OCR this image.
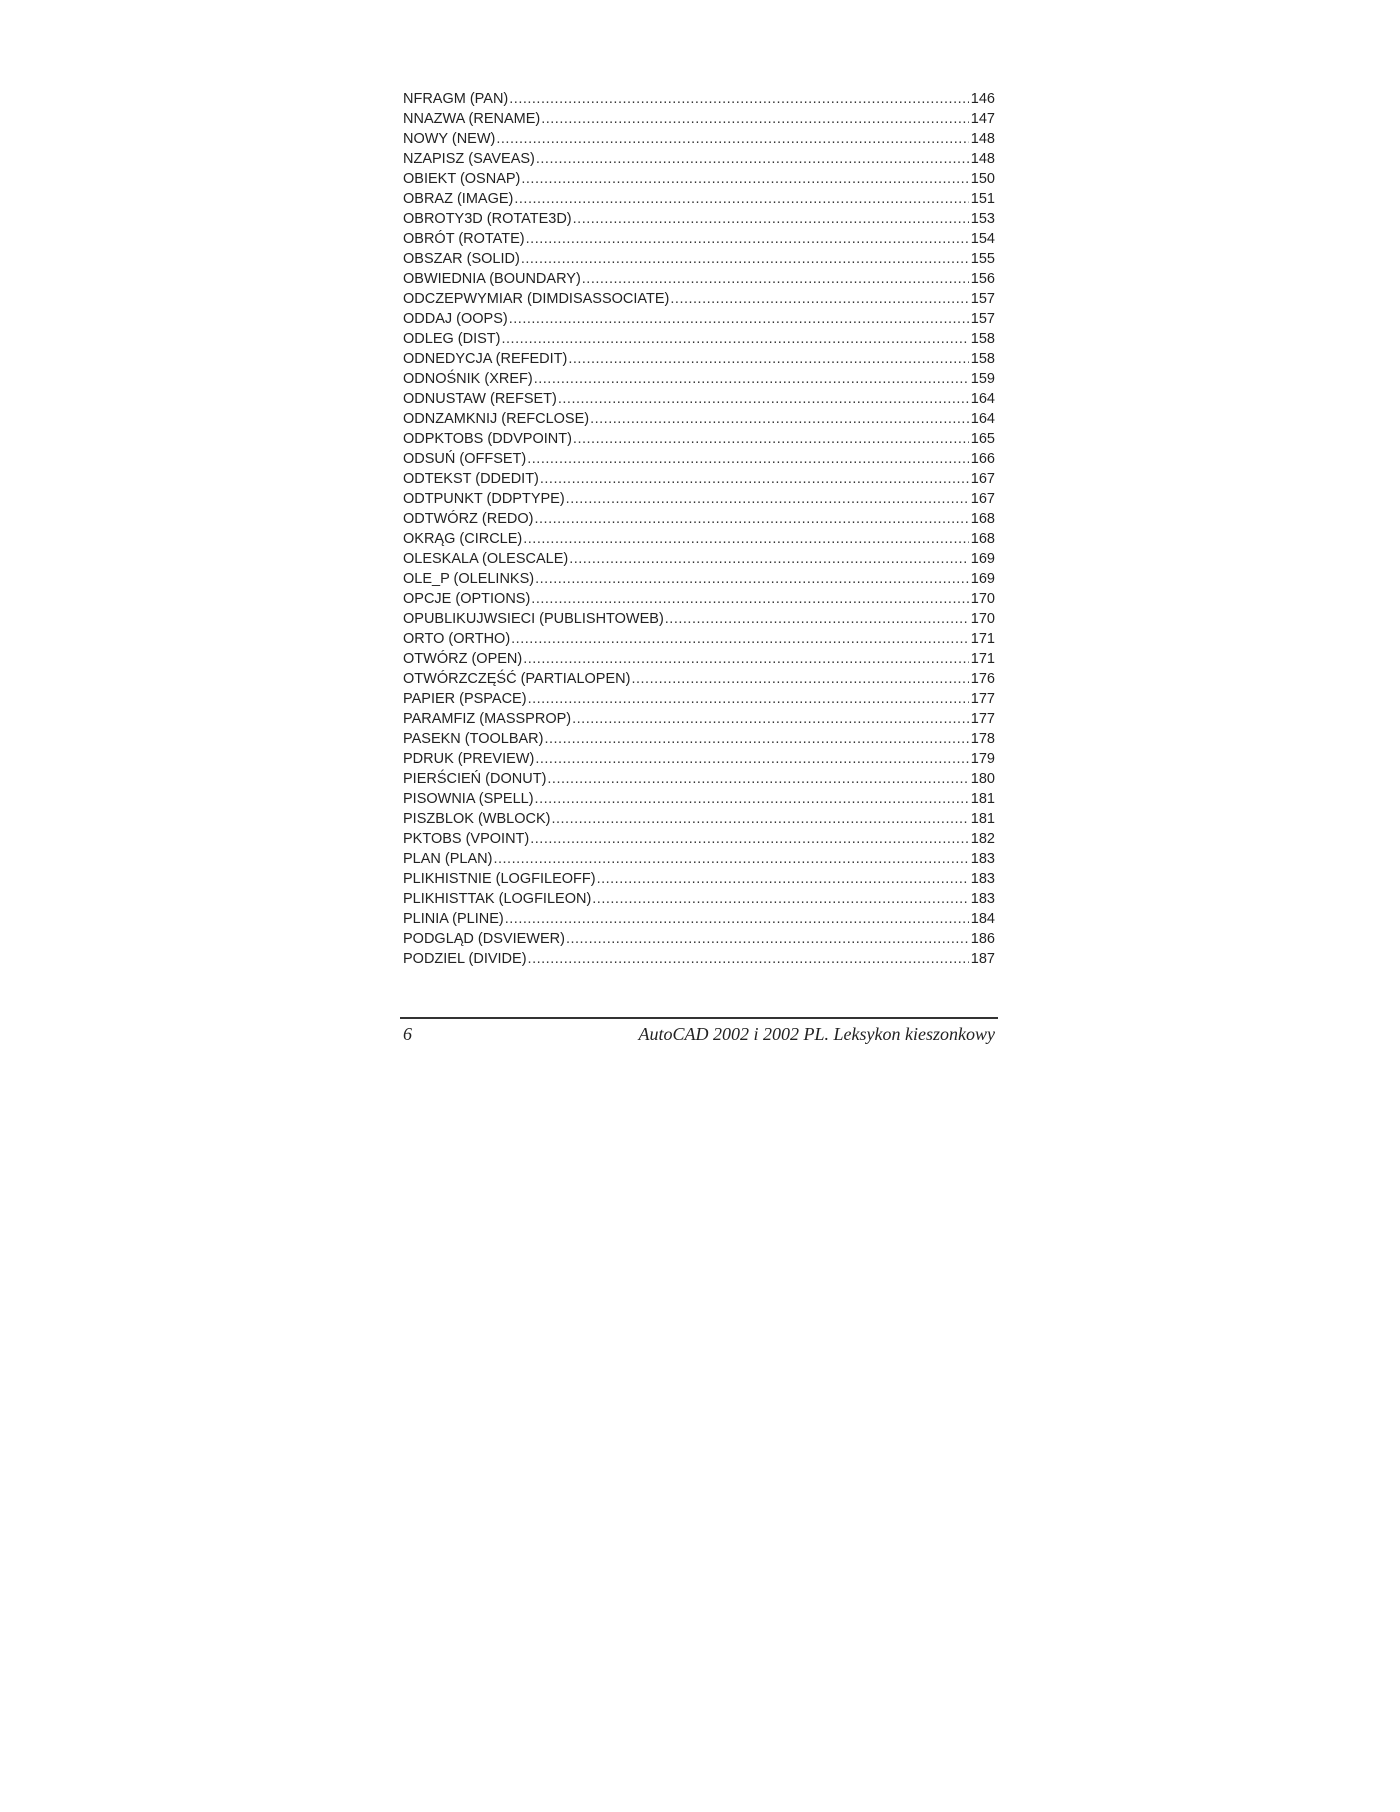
NFRAGM (PAN) .....	146
NNAZWA (RENAME) .....	147
NOWY (NEW) .....	148
NZAPISZ (SAVEAS) .....	148
OBIEKT (OSNAP) .....	150
OBRAZ (IMAGE) .....	151
OBROTY3D (ROTATE3D) .....	153
OBRÓT (ROTATE) .....	154
OBSZAR (SOLID) .....	155
OBWIEDNIA (BOUNDARY) .....	156
ODCZEPWYMIAR (DIMDISASSOCIATE) .....	157
ODDAJ (OOPS) .....	157
ODLEG (DIST) .....	158
ODNEDYCJA (REFEDIT) .....	158
ODNOŚNIK (XREF) .....	159
ODNUSTAW (REFSET) .....	164
ODNZAMKNIJ (REFCLOSE) .....	164
ODPKTOBS (DDVPOINT) .....	165
ODSUŃ (OFFSET) .....	166
ODTEKST (DDEDIT) .....	167
ODTPUNKT (DDPTYPE) .....	167
ODTWÓRZ (REDO) .....	168
OKRĄG (CIRCLE) .....	168
OLESKALA (OLESCALE) .....	169
OLE_P (OLELINKS) .....	169
OPCJE (OPTIONS) .....	170
OPUBLIKUJWSIECI (PUBLISHTOWEB) .....	170
ORTO (ORTHO) .....	171
OTWÓRZ (OPEN) .....	171
OTWÓRZCZĘŚĆ (PARTIALOPEN) .....	176
PAPIER (PSPACE) .....	177
PARAMFIZ (MASSPROP) .....	177
PASEKN (TOOLBAR) .....	178
PDRUK (PREVIEW) .....	179
PIERŚCIEŃ (DONUT) .....	180
PISOWNIA (SPELL) .....	181
PISZBLOK (WBLOCK) .....	181
PKTOBS (VPOINT) .....	182
PLAN (PLAN) .....	183
PLIKHISTNIE (LOGFILEOFF) .....	183
PLIKHISTTAK (LOGFILEON) .....	183
PLINIA (PLINE) .....	184
PODGLĄD (DSVIEWER) .....	186
PODZIEL (DIVIDE) .....	187
6	AutoCAD 2002 i 2002 PL. Leksykon kieszonkowy
